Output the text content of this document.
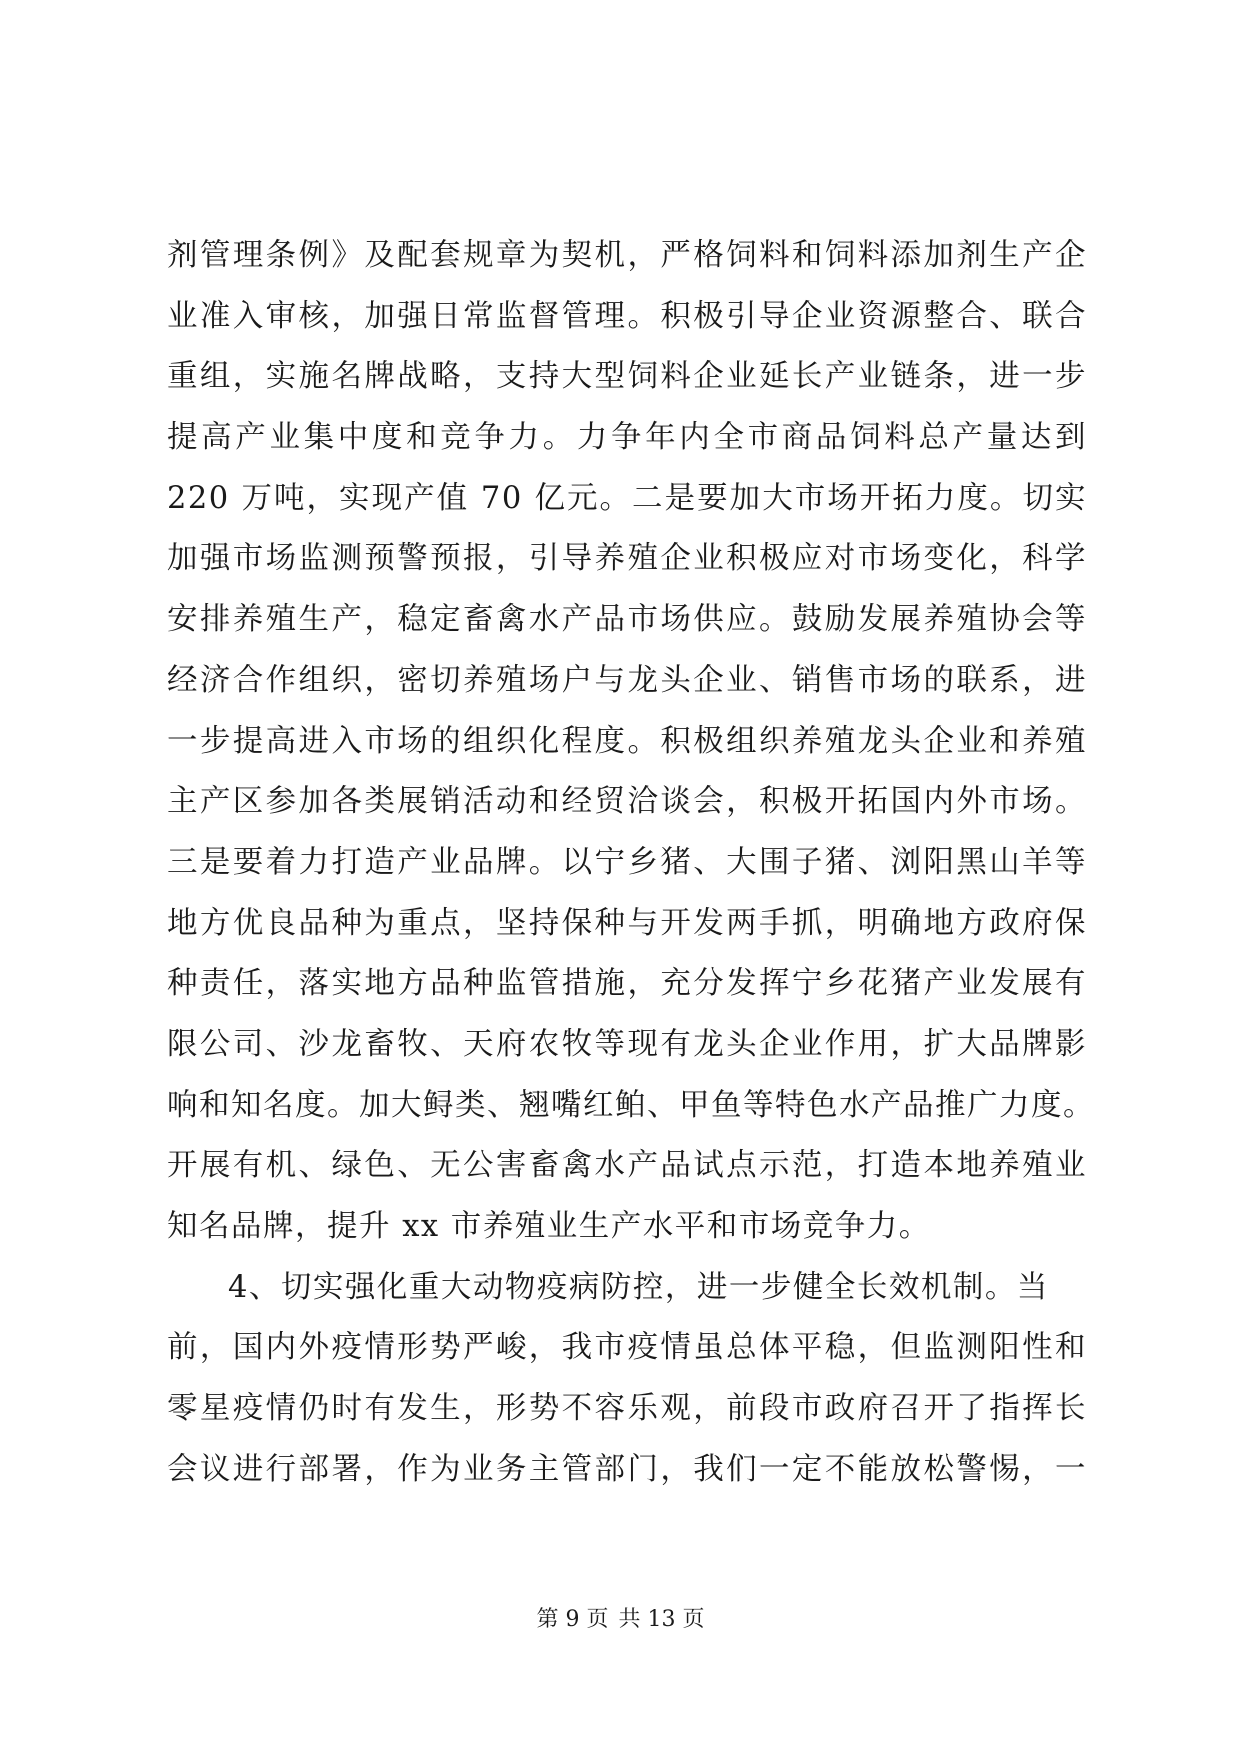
剂管理条例》及配套规章为契机，严格饲料和饲料添加剂生产企
业准入审核，加强日常监督管理。积极引导企业资源整合、联合
重组，实施名牌战略，支持大型饲料企业延长产业链条，进一步
提高产业集中度和竞争力。力争年内全市商品饲料总产量达到
220 万吨，实现产值 70 亿元。二是要加大市场开拓力度。切实
加强市场监测预警预报，引导养殖企业积极应对市场变化，科学
安排养殖生产，稳定畜禽水产品市场供应。鼓励发展养殖协会等
经济合作组织，密切养殖场户与龙头企业、销售市场的联系，进
一步提高进入市场的组织化程度。积极组织养殖龙头企业和养殖
主产区参加各类展销活动和经贸洽谈会，积极开拓国内外市场。
三是要着力打造产业品牌。以宁乡猪、大围子猪、浏阳黑山羊等
地方优良品种为重点，坚持保种与开发两手抓，明确地方政府保
种责任，落实地方品种监管措施，充分发挥宁乡花猪产业发展有
限公司、沙龙畜牧、天府农牧等现有龙头企业作用，扩大品牌影
响和知名度。加大鲟类、翘嘴红鲌、甲鱼等特色水产品推广力度。
开展有机、绿色、无公害畜禽水产品试点示范，打造本地养殖业
知名品牌，提升 xx 市养殖业生产水平和市场竞争力。
4、切实强化重大动物疫病防控，进一步健全长效机制。当
前，国内外疫情形势严峻，我市疫情虽总体平稳，但监测阳性和
零星疫情仍时有发生，形势不容乐观，前段市政府召开了指挥长
会议进行部署，作为业务主管部门，我们一定不能放松警惕，一
第 9 页 共 13 页
